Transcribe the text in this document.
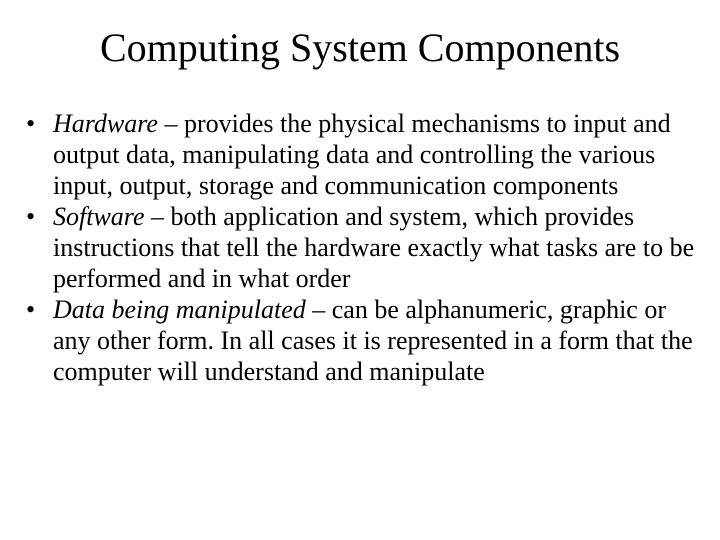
Computing System Components
• Hardware – provides the physical mechanisms to input and output data, manipulating data and controlling the various input, output, storage and communication components
• Software – both application and system, which provides instructions that tell the hardware exactly what tasks are to be performed and in what order
• Data being manipulated – can be alphanumeric, graphic or any other form. In all cases it is represented in a form that the computer will understand and manipulate
